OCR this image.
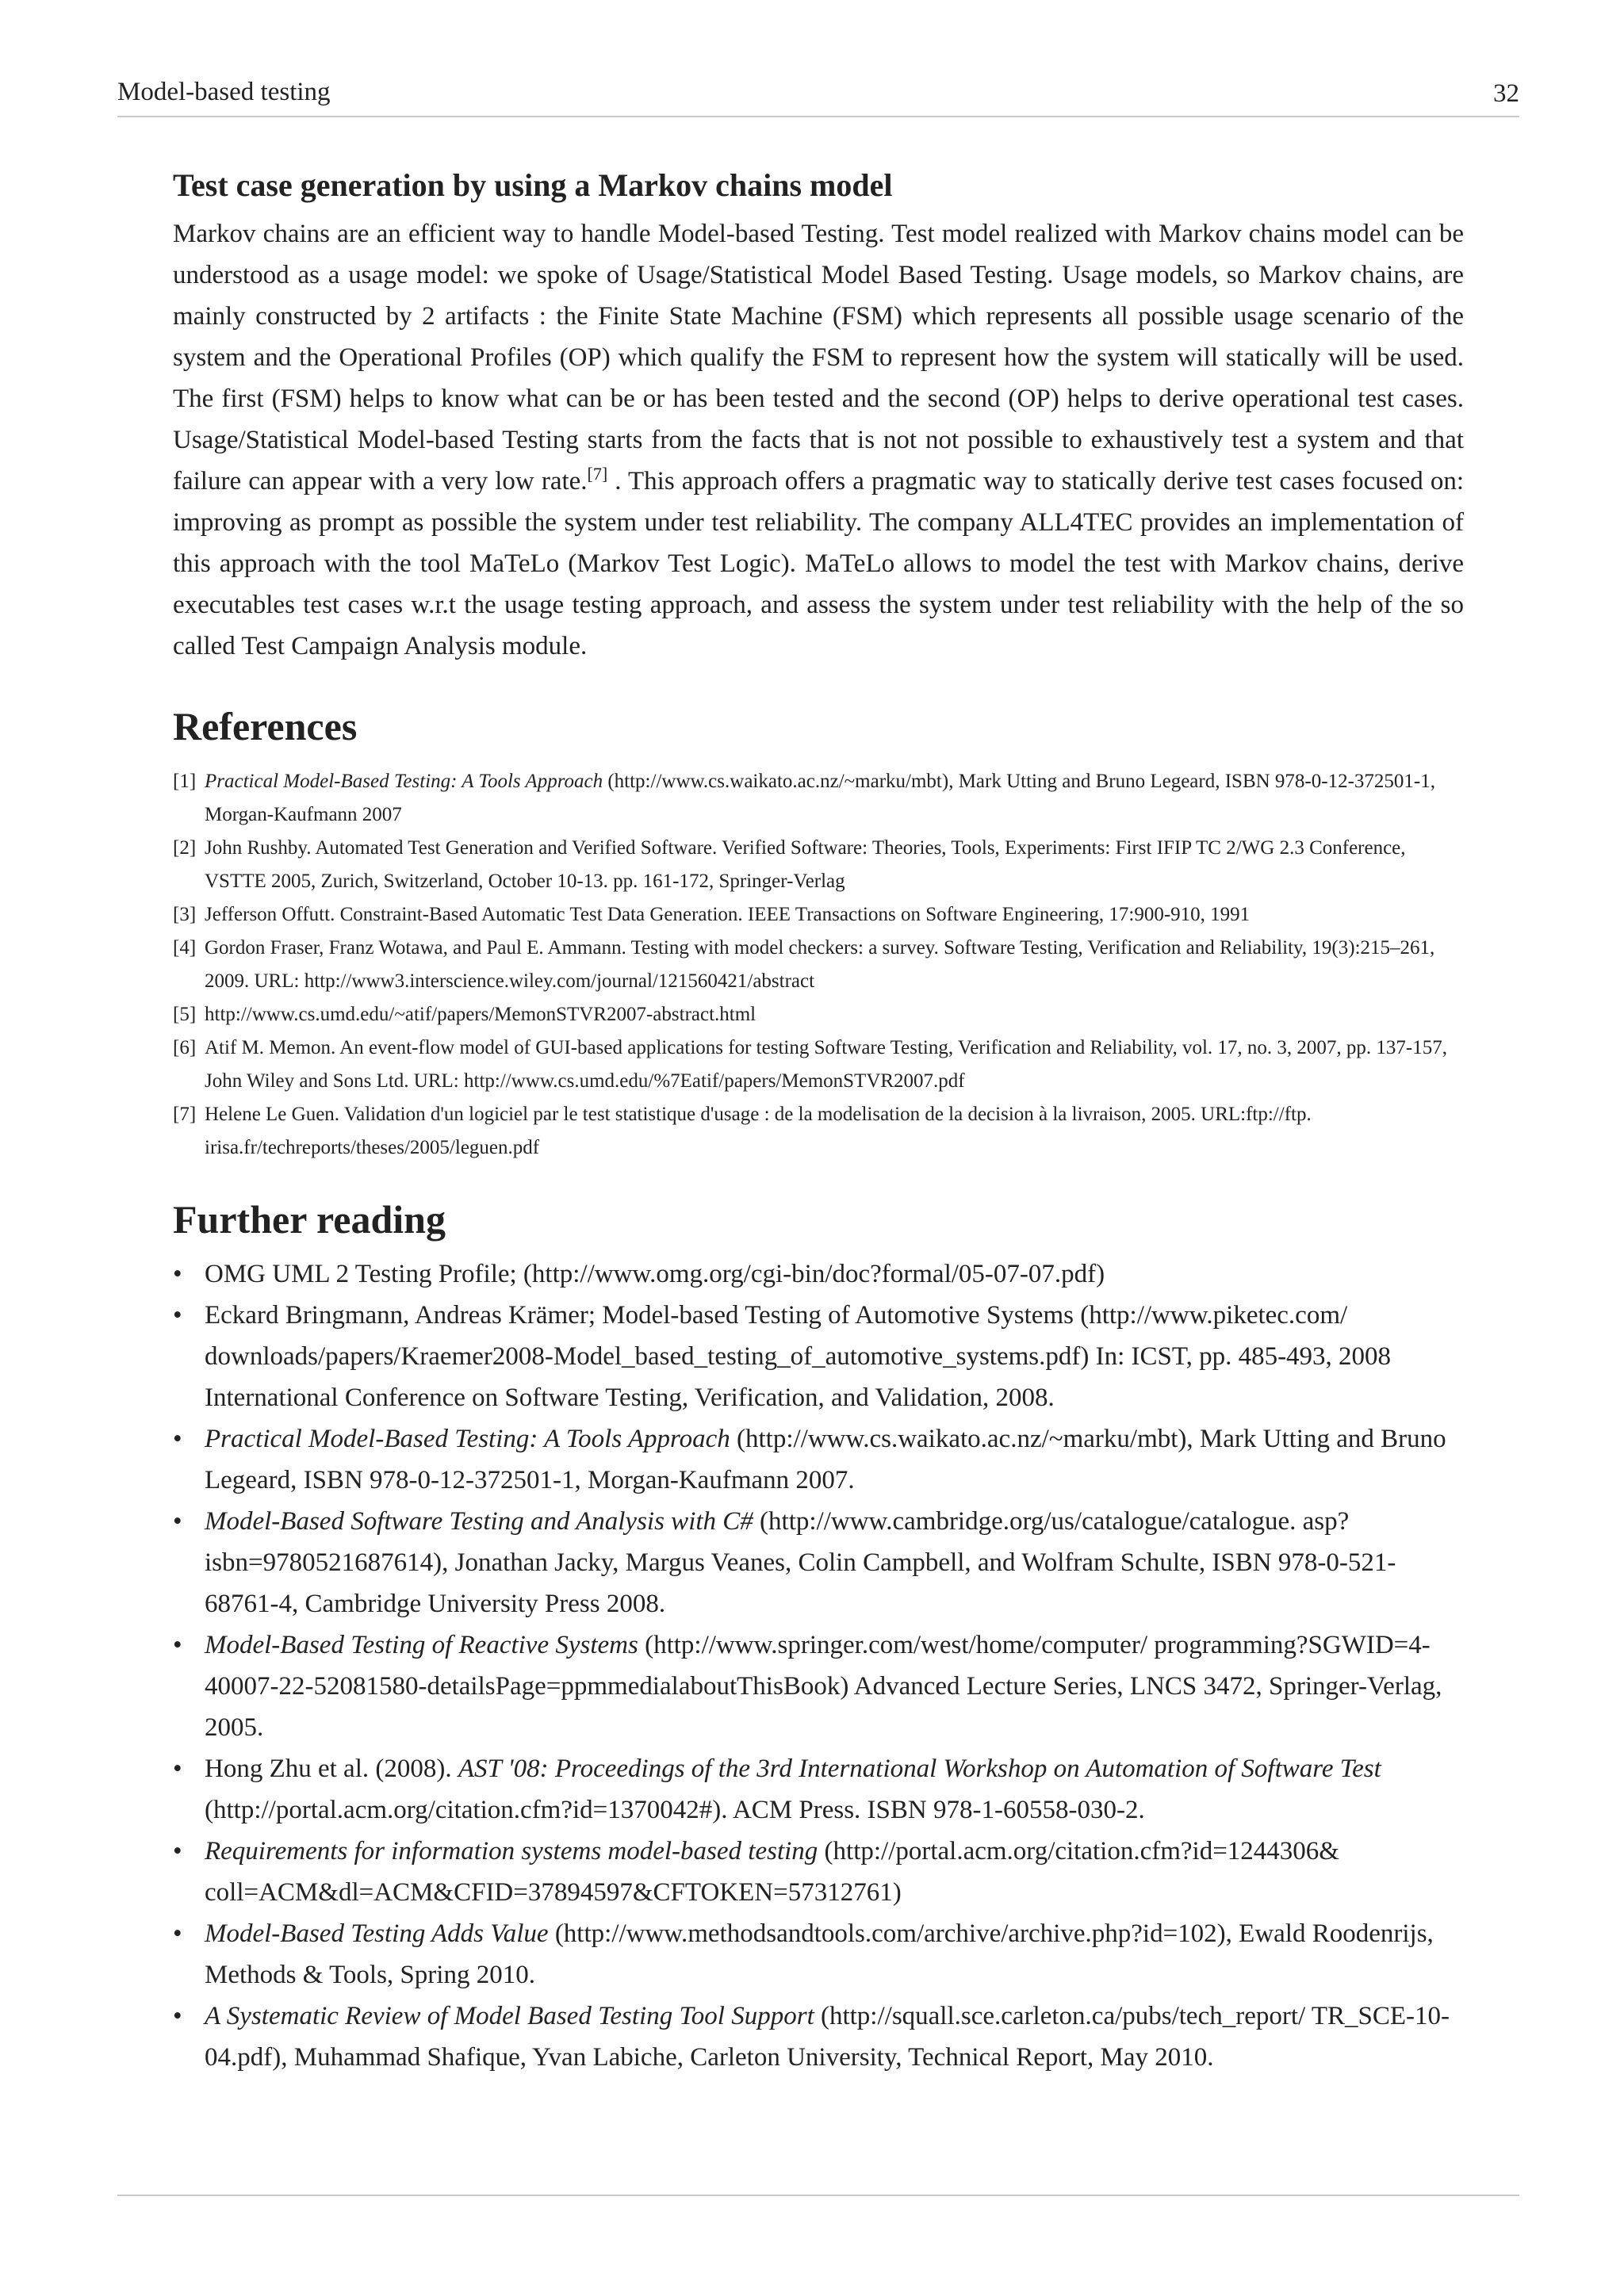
Model-based testing	32
Test case generation by using a Markov chains model

Markov chains are an efficient way to handle Model-based Testing. Test model realized with Markov chains model can be understood as a usage model: we spoke of Usage/Statistical Model Based Testing. Usage models, so Markov chains, are mainly constructed by 2 artifacts : the Finite State Machine (FSM) which represents all possible usage scenario of the system and the Operational Profiles (OP) which qualify the FSM to represent how the system will statically will be used. The first (FSM) helps to know what can be or has been tested and the second (OP) helps to derive operational test cases. Usage/Statistical Model-based Testing starts from the facts that is not not possible to exhaustively test a system and that failure can appear with a very low rate.[7] . This approach offers a pragmatic way to statically derive test cases focused on: improving as prompt as possible the system under test reliability. The company ALL4TEC provides an implementation of this approach with the tool MaTeLo (Markov Test Logic). MaTeLo allows to model the test with Markov chains, derive executables test cases w.r.t the usage testing approach, and assess the system under test reliability with the help of the so called Test Campaign Analysis module.

References
[1] Practical Model-Based Testing: A Tools Approach (http://www.cs.waikato.ac.nz/~marku/mbt), Mark Utting and Bruno Legeard, ISBN 978-0-12-372501-1, Morgan-Kaufmann 2007
[2] John Rushby. Automated Test Generation and Verified Software. Verified Software: Theories, Tools, Experiments: First IFIP TC 2/WG 2.3 Conference, VSTTE 2005, Zurich, Switzerland, October 10-13. pp. 161-172, Springer-Verlag
[3] Jefferson Offutt. Constraint-Based Automatic Test Data Generation. IEEE Transactions on Software Engineering, 17:900-910, 1991
[4] Gordon Fraser, Franz Wotawa, and Paul E. Ammann. Testing with model checkers: a survey. Software Testing, Verification and Reliability, 19(3):215–261, 2009. URL: http://www3.interscience.wiley.com/journal/121560421/abstract
[5] http://www.cs.umd.edu/~atif/papers/MemonSTVR2007-abstract.html
[6] Atif M. Memon. An event-flow model of GUI-based applications for testing Software Testing, Verification and Reliability, vol. 17, no. 3, 2007, pp. 137-157, John Wiley and Sons Ltd. URL: http://www.cs.umd.edu/%7Eatif/papers/MemonSTVR2007.pdf
[7] Helene Le Guen. Validation d'un logiciel par le test statistique d'usage : de la modelisation de la decision à la livraison, 2005. URL:ftp://ftp. irisa.fr/techreports/theses/2005/leguen.pdf
Further reading
• OMG UML 2 Testing Profile; (http://www.omg.org/cgi-bin/doc?formal/05-07-07.pdf)
• Eckard Bringmann, Andreas Krämer; Model-based Testing of Automotive Systems (http://www.piketec.com/ downloads/papers/Kraemer2008-Model_based_testing_of_automotive_systems.pdf) In: ICST, pp. 485-493, 2008 International Conference on Software Testing, Verification, and Validation, 2008.
• Practical Model-Based Testing: A Tools Approach (http://www.cs.waikato.ac.nz/~marku/mbt), Mark Utting and Bruno Legeard, ISBN 978-0-12-372501-1, Morgan-Kaufmann 2007.
• Model-Based Software Testing and Analysis with C# (http://www.cambridge.org/us/catalogue/catalogue. asp?isbn=9780521687614), Jonathan Jacky, Margus Veanes, Colin Campbell, and Wolfram Schulte, ISBN 978-0-521-68761-4, Cambridge University Press 2008.
• Model-Based Testing of Reactive Systems (http://www.springer.com/west/home/computer/ programming?SGWID=4-40007-22-52081580-detailsPage=ppmmedialaboutThisBook) Advanced Lecture Series, LNCS 3472, Springer-Verlag, 2005.
• Hong Zhu et al. (2008). AST '08: Proceedings of the 3rd International Workshop on Automation of Software Test (http://portal.acm.org/citation.cfm?id=1370042#). ACM Press. ISBN 978-1-60558-030-2.
• Requirements for information systems model-based testing (http://portal.acm.org/citation.cfm?id=1244306& coll=ACM&dl=ACM&CFID=37894597&CFTOKEN=57312761)
• Model-Based Testing Adds Value (http://www.methodsandtools.com/archive/archive.php?id=102), Ewald Roodenrijs, Methods & Tools, Spring 2010.
• A Systematic Review of Model Based Testing Tool Support (http://squall.sce.carleton.ca/pubs/tech_report/ TR_SCE-10-04.pdf), Muhammad Shafique, Yvan Labiche, Carleton University, Technical Report, May 2010.
